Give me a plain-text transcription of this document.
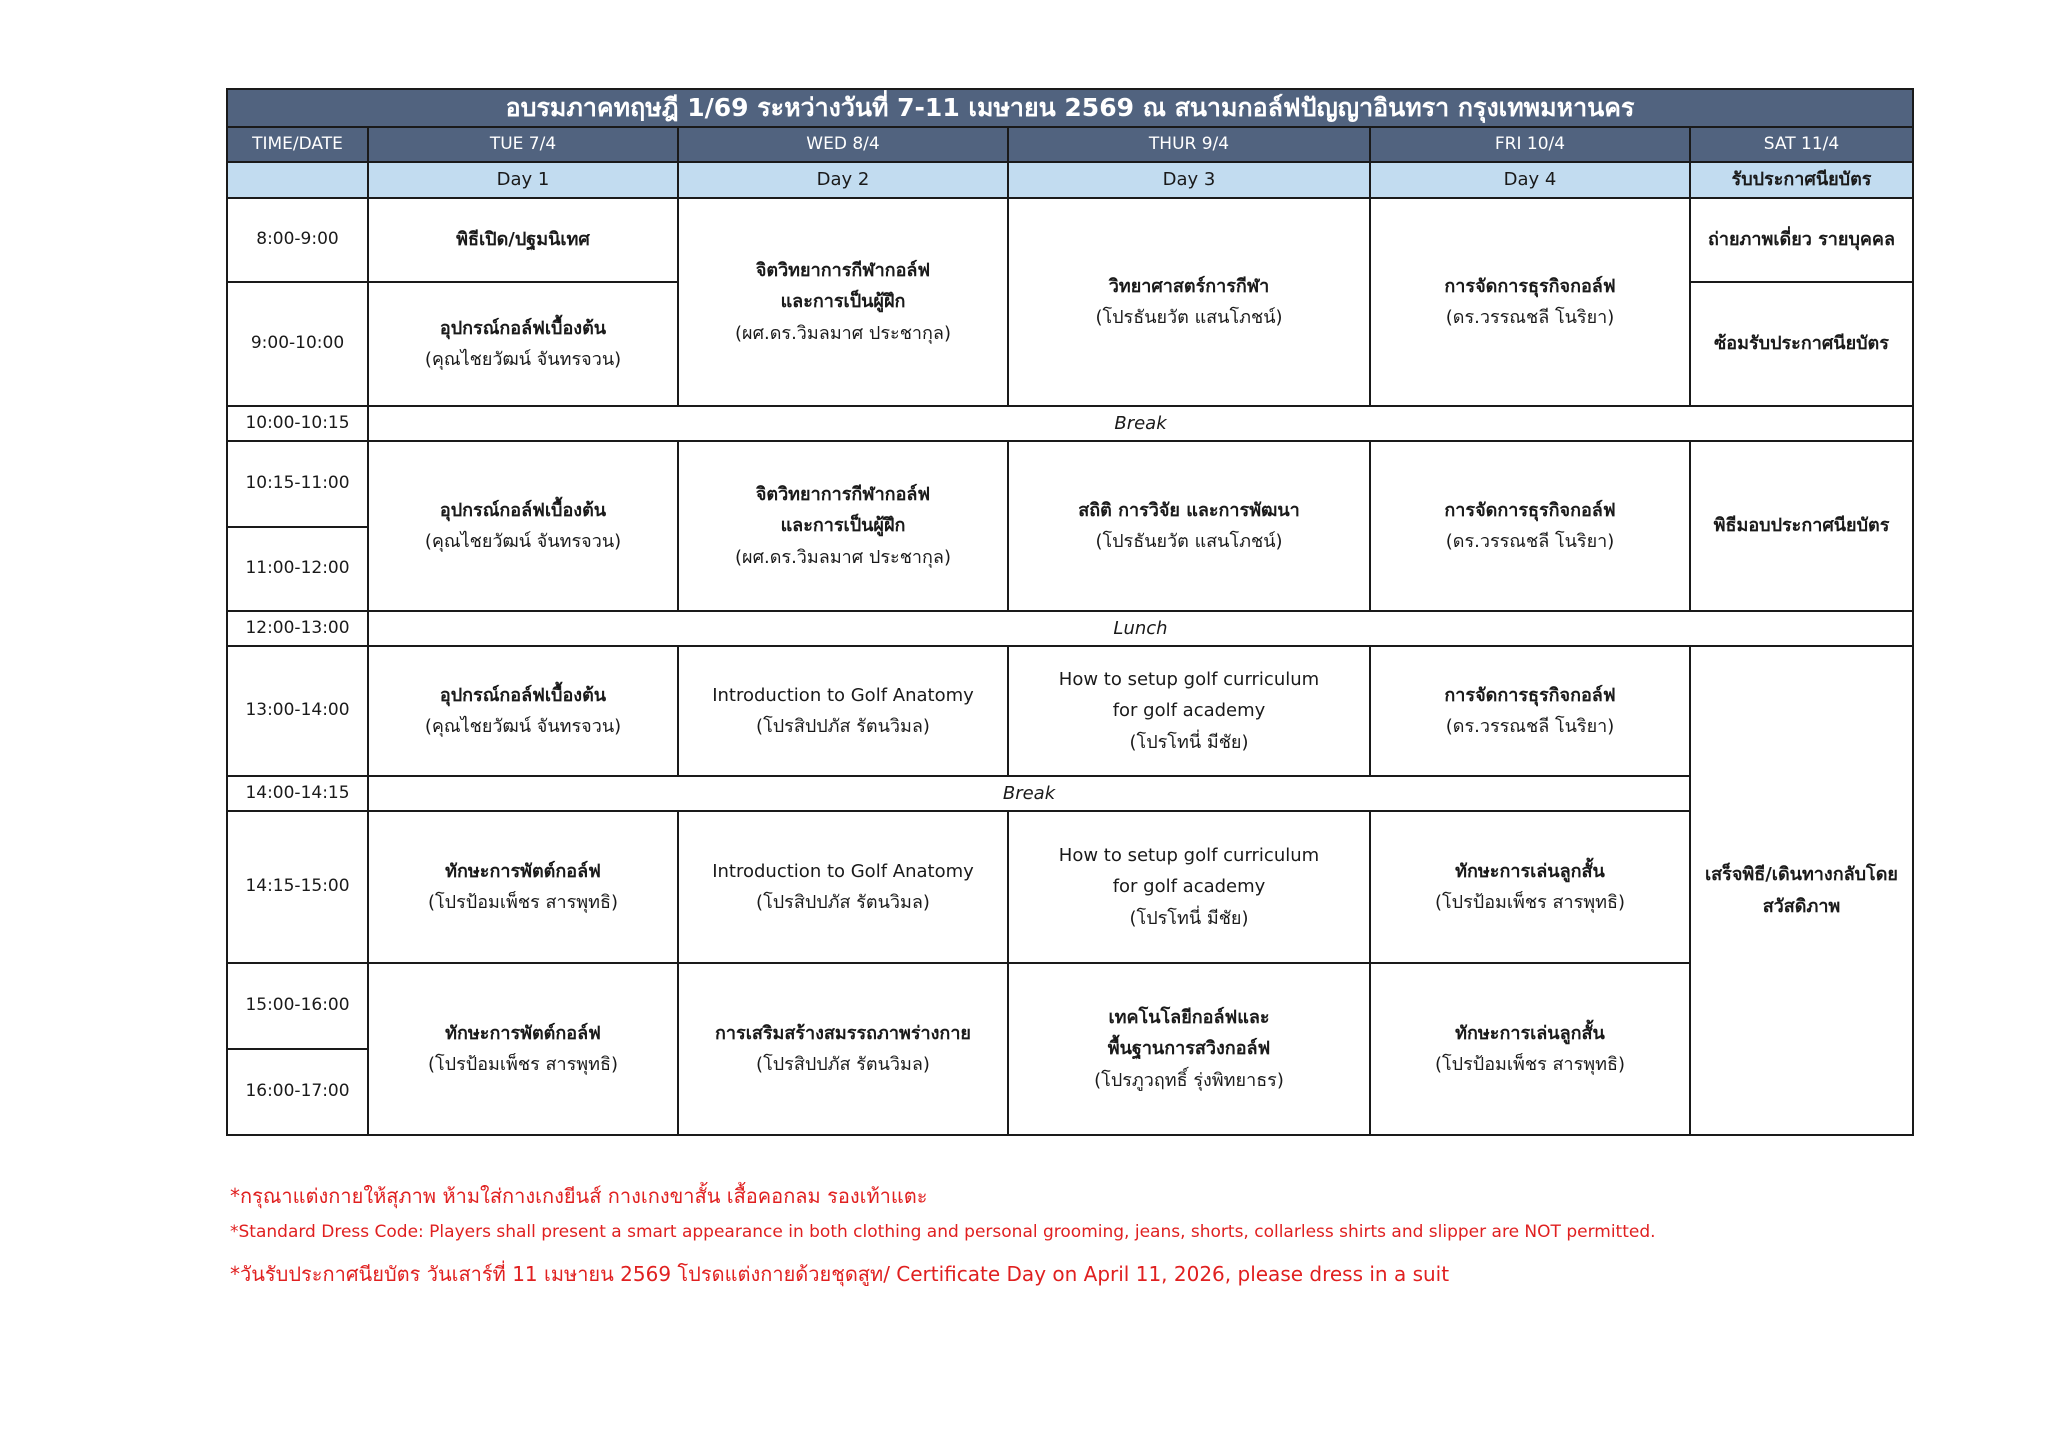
อบรมภาคทฤษฎี 1/69 ระหว่างวันที่ 7-11 เมษายน 2569 ณ สนามกอล์ฟปัญญาอินทรา กรุงเทพมหานคร					
TIME/DATE	TUE 7/4	WED 8/4	THUR 9/4	FRI 10/4	SAT 11/4
	Day 1	Day 2	Day 3	Day 4	รับประกาศนียบัตร
8:00-9:00	พิธีเปิด/ปฐมนิเทศ	จิตวิทยาการกีฬากอล์ฟ
และการเป็นผู้ฝึก
(ผศ.ดร.วิมลมาศ ประชากุล)	วิทยาศาสตร์การกีฬา
(โปรธันยวัต แสนโภชน์)	การจัดการธุรกิจกอล์ฟ
(ดร.วรรณชลี โนริยา)	ถ่ายภาพเดี่ยว รายบุคคล
9:00-10:00	อุปกรณ์กอล์ฟเบื้องต้น
(คุณไชยวัฒน์ จันทรจวน)				ซ้อมรับประกาศนียบัตร
10:00-10:15	Break				
10:15-11:00	อุปกรณ์กอล์ฟเบื้องต้น
(คุณไชยวัฒน์ จันทรจวน)	จิตวิทยาการกีฬากอล์ฟ
และการเป็นผู้ฝึก
(ผศ.ดร.วิมลมาศ ประชากุล)	สถิติ การวิจัย และการพัฒนา
(โปรธันยวัต แสนโภชน์)	การจัดการธุรกิจกอล์ฟ
(ดร.วรรณชลี โนริยา)	พิธีมอบประกาศนียบัตร
11:00-12:00					
12:00-13:00	Lunch				
13:00-14:00	อุปกรณ์กอล์ฟเบื้องต้น
(คุณไชยวัฒน์ จันทรจวน)	Introduction to Golf Anatomy
(โปรสิปปภัส รัตนวิมล)	How to setup golf curriculum
for golf academy
(โปรโทนี่ มีชัย)	การจัดการธุรกิจกอล์ฟ
(ดร.วรรณชลี โนริยา)	เสร็จพิธี/เดินทางกลับโดย
สวัสดิภาพ

14:00-14:15	Break				
14:15-15:00	ทักษะการพัตต์กอล์ฟ
(โปรป้อมเพ็ชร สารพุทธิ)	Introduction to Golf Anatomy
(โปรสิปปภัส รัตนวิมล)	How to setup golf curriculum
for golf academy
(โปรโทนี่ มีชัย)	ทักษะการเล่นลูกสั้น
(โปรป้อมเพ็ชร สารพุทธิ)	

15:00-16:00	ทักษะการพัตต์กอล์ฟ
(โปรป้อมเพ็ชร สารพุทธิ)	การเสริมสร้างสมรรถภาพร่างกาย
(โปรสิปปภัส รัตนวิมล)	เทคโนโลยีกอล์ฟและ
พื้นฐานการสวิงกอล์ฟ
(โปรภูวฤทธิ์ รุ่งพิทยาธร)	ทักษะการเล่นลูกสั้น
(โปรป้อมเพ็ชร สารพุทธิ)	

16:00-17:00					
*กรุณาแต่งกายให้สุภาพ ห้ามใส่กางเกงยีนส์ กางเกงขาสั้น เสื้อคอกลม รองเท้าแตะ
*Standard Dress Code: Players shall present a smart appearance in both clothing and personal grooming, jeans, shorts, collarless shirts and slipper are NOT permitted.
*วันรับประกาศนียบัตร วันเสาร์ที่ 11 เมษายน 2569 โปรดแต่งกายด้วยชุดสูท/ Certificate Day on April 11, 2026, please dress in a suit
